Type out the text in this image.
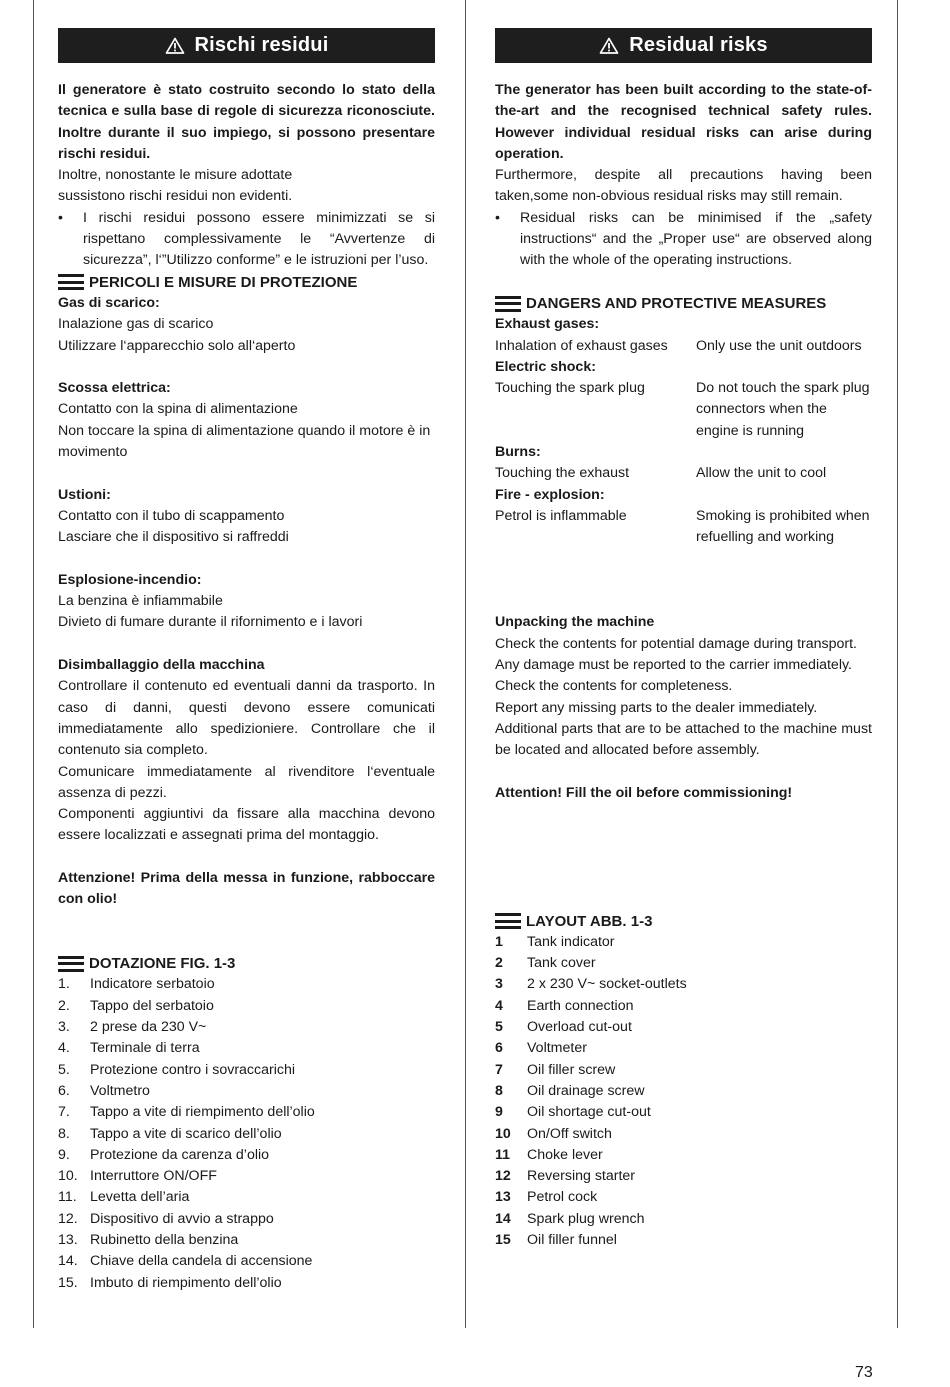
Rischi residui

Il generatore è stato costruito secondo lo stato della tecnica e sulla base di regole di sicurezza riconosciute. Inoltre durante il suo impiego, si possono presentare rischi residui.

Inoltre, nonostante le misure adottate

sussistono rischi residui non evidenti.

•	I rischi residui possono essere minimizzati se si rispettano complessivamente le “Avvertenze di sicurezza”, l‘”Utilizzo conforme” e le istruzioni per l’uso.
PERICOLI E MISURE DI PROTEZIONE

Gas di scarico:

Inalazione gas di scarico

Utilizzare l‘apparecchio solo all‘aperto

Scossa elettrica:

Contatto con la spina di alimentazione

Non toccare la spina di alimentazione quando il motore è in movimento

Ustioni:

Contatto con il tubo di scappamento

Lasciare che il dispositivo si raffreddi

Esplosione-incendio:

La benzina è infiammabile

Divieto di fumare durante il rifornimento e i lavori

Disimballaggio della macchina

Controllare il contenuto ed eventuali danni da trasporto. In caso di danni, questi devono essere comunicati immediatamente allo spedizioniere. Controllare che il contenuto sia completo.

Comunicare immediatamente al rivenditore l‘eventuale assenza di pezzi.

Componenti aggiuntivi da fissare alla macchina devono essere localizzati e assegnati prima del montaggio.

Attenzione! Prima della messa in funzione, rabboccare con olio!

DOTAZIONE FIG. 1-3
1.	Indicatore serbatoio
2.	Tappo del serbatoio
3.	2 prese da 230 V~
4.	Terminale di terra
5.	Protezione contro i sovraccarichi
6.	Voltmetro
7.	Tappo a vite di riempimento dell’olio
8.	Tappo a vite di scarico dell’olio
9.	Protezione da carenza d’olio
10. Interruttore ON/OFF
11. Levetta dell’aria
12. Dispositivo di avvio a strappo
13. Rubinetto della benzina
14. Chiave della candela di accensione
15. Imbuto di riempimento dell’olio
Residual risks

The generator has been built according to the state-of-the-art and the recognised technical safety rules. However individual residual risks can arise during operation.

Furthermore, despite all precautions having been taken,some non-obvious residual risks may still remain.

•	Residual risks can be minimised if the „safety instructions“ and the „Proper use“ are observed along with the whole of the operating instructions.
DANGERS AND PROTECTIVE MEASURES

Exhaust gases:

Inhalation of exhaust gases	Only use the unit outdoors

Electric shock:

Touching the spark plug	Do not touch the spark plug connectors when the engine is running

Burns:

Touching the exhaust	Allow the unit to cool

Fire - explosion:

Petrol is inflammable	Smoking is prohibited when refuelling and working

Unpacking the machine

Check the contents for potential damage during transport.

Any damage must be reported to the carrier immediately.

Check the contents for completeness.

Report any missing parts to the dealer immediately.

Additional parts that are to be attached to the machine must be located and allocated before assembly.

Attention! Fill the oil before commissioning!

LAYOUT ABB. 1-3
1	Tank indicator
2	Tank cover
3	2 x 230 V~ socket-outlets
4	Earth connection
5	Overload cut-out
6	Voltmeter
7	Oil filler screw
8	Oil drainage screw
9	Oil shortage cut-out
10	On/Off switch
11	Choke lever
12	Reversing starter
13	Petrol cock
14	Spark plug wrench
15	Oil filler funnel
73
